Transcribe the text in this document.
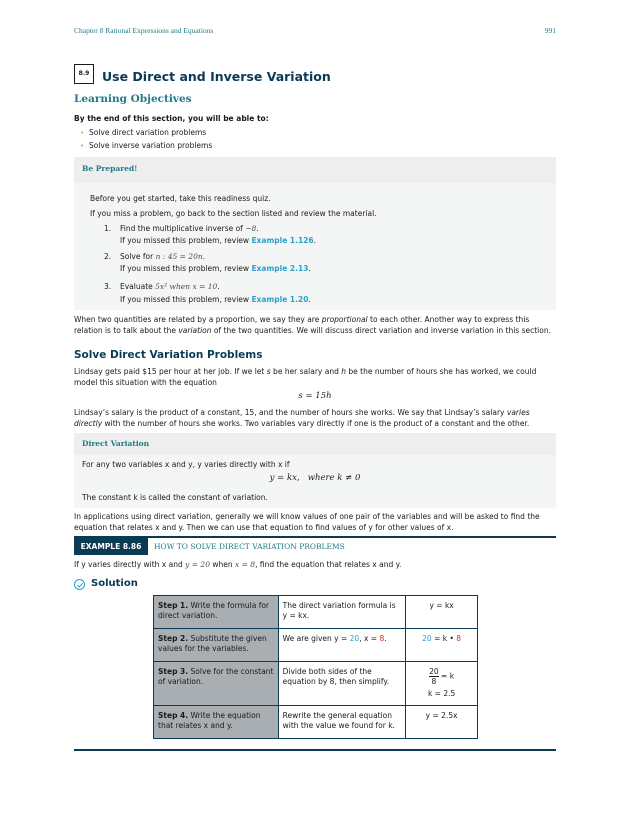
Chapter 8 Rational Expressions and Equations	991
8.9	Use Direct and Inverse Variation
Learning Objectives
By the end of this section, you will be able to:
• Solve direct variation problems
• Solve inverse variation problems
Be Prepared!
Before you get started, take this readiness quiz.
If you miss a problem, go back to the section listed and review the material.
1. Find the multiplicative inverse of −8.
If you missed this problem, review Example 1.126.
2. Solve for n : 45 = 20n.
If you missed this problem, review Example 2.13.
3. Evaluate 5x² when x = 10.
If you missed this problem, review Example 1.20.
When two quantities are related by a proportion, we say they are proportional to each other. Another way to express this relation is to talk about the variation of the two quantities. We will discuss direct variation and inverse variation in this section.
Solve Direct Variation Problems
Lindsay gets paid $15 per hour at her job. If we let s be her salary and h be the number of hours she has worked, we could model this situation with the equation
s = 15h
Lindsay’s salary is the product of a constant, 15, and the number of hours she works. We say that Lindsay’s salary varies directly with the number of hours she works. Two variables vary directly if one is the product of a constant and the other.
Direct Variation
For any two variables x and y, y varies directly with x if
y = kx,   where k ≠ 0
The constant k is called the constant of variation.
In applications using direct variation, generally we will know values of one pair of the variables and will be asked to find the equation that relates x and y. Then we can use that equation to find values of y for other values of x.
EXAMPLE 8.86	HOW TO SOLVE DIRECT VARIATION PROBLEMS
If y varies directly with x and y = 20 when x = 8, find the equation that relates x and y.
Solution
Step 1. Write the formula for direct variation.	The direct variation formula is y = kx.	y = kx
Step 2. Substitute the given values for the variables.	We are given y = 20, x = 8.	20 = k • 8
Step 3. Solve for the constant of variation.	Divide both sides of the equation by 8, then simplify.	$\frac{20}{8} = k$
k = 2.5

Step 4. Write the equation that relates x and y.	Rewrite the general equation with the value we found for k.	y = 2.5x
